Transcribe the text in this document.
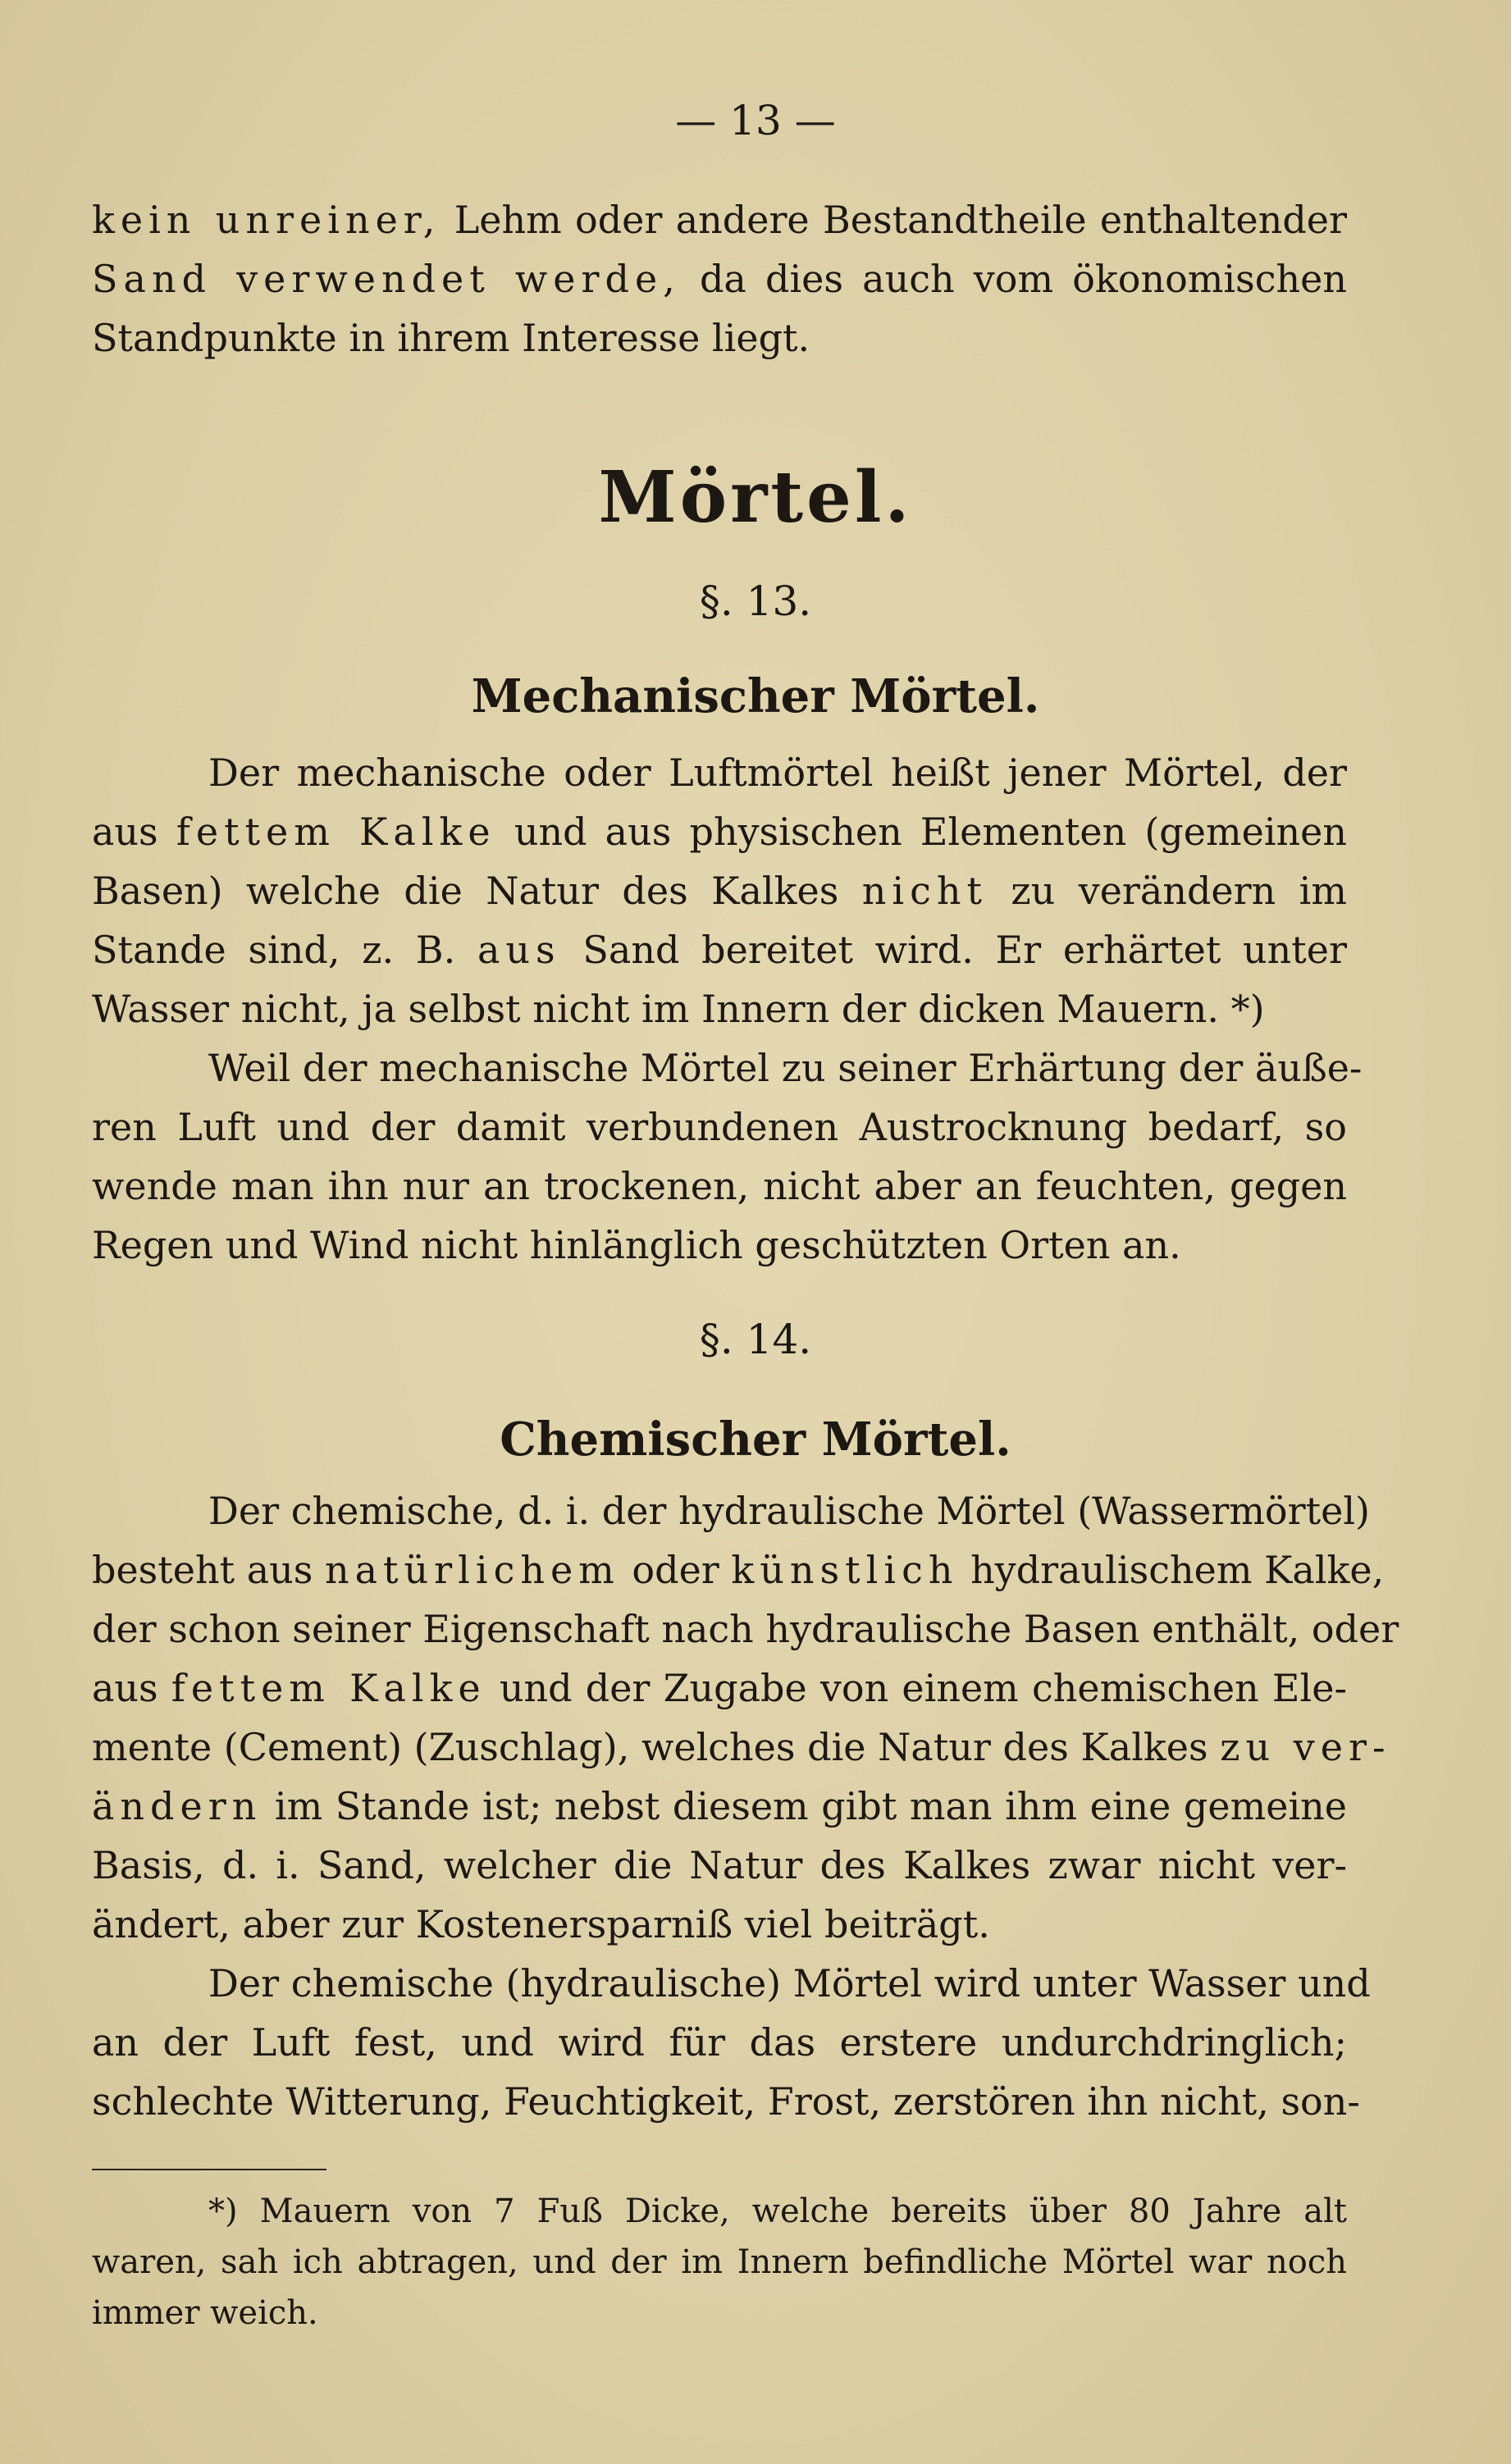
— 13 —
kein unreiner, Lehm oder andere Bestandtheile enthaltender
Sand verwendet werde, da dies auch vom ökonomischen
Standpunkte in ihrem Interesse liegt.
Mörtel.
§. 13.
Mechanischer Mörtel.
Der mechanische oder Luftmörtel heißt jener Mörtel, der
aus fettem Kalke und aus physischen Elementen (gemeinen
Basen) welche die Natur des Kalkes nicht zu verändern im
Stande sind, z. B. aus Sand bereitet wird. Er erhärtet unter
Wasser nicht, ja selbst nicht im Innern der dicken Mauern. *)
Weil der mechanische Mörtel zu seiner Erhärtung der äuße-
ren Luft und der damit verbundenen Austrocknung bedarf, so
wende man ihn nur an trockenen, nicht aber an feuchten, gegen
Regen und Wind nicht hinlänglich geschützten Orten an.
§. 14.
Chemischer Mörtel.
Der chemische, d. i. der hydraulische Mörtel (Wassermörtel)
besteht aus natürlichem oder künstlich hydraulischem Kalke,
der schon seiner Eigenschaft nach hydraulische Basen enthält, oder
aus fettem Kalke und der Zugabe von einem chemischen Ele-
mente (Cement) (Zuschlag), welches die Natur des Kalkes zu ver-
ändern im Stande ist; nebst diesem gibt man ihm eine gemeine
Basis, d. i. Sand, welcher die Natur des Kalkes zwar nicht ver-
ändert, aber zur Kostenersparniß viel beiträgt.
Der chemische (hydraulische) Mörtel wird unter Wasser und
an der Luft fest, und wird für das erstere undurchdringlich;
schlechte Witterung, Feuchtigkeit, Frost, zerstören ihn nicht, son-
*) Mauern von 7 Fuß Dicke, welche bereits über 80 Jahre alt
waren, sah ich abtragen, und der im Innern befindliche Mörtel war noch
immer weich.
